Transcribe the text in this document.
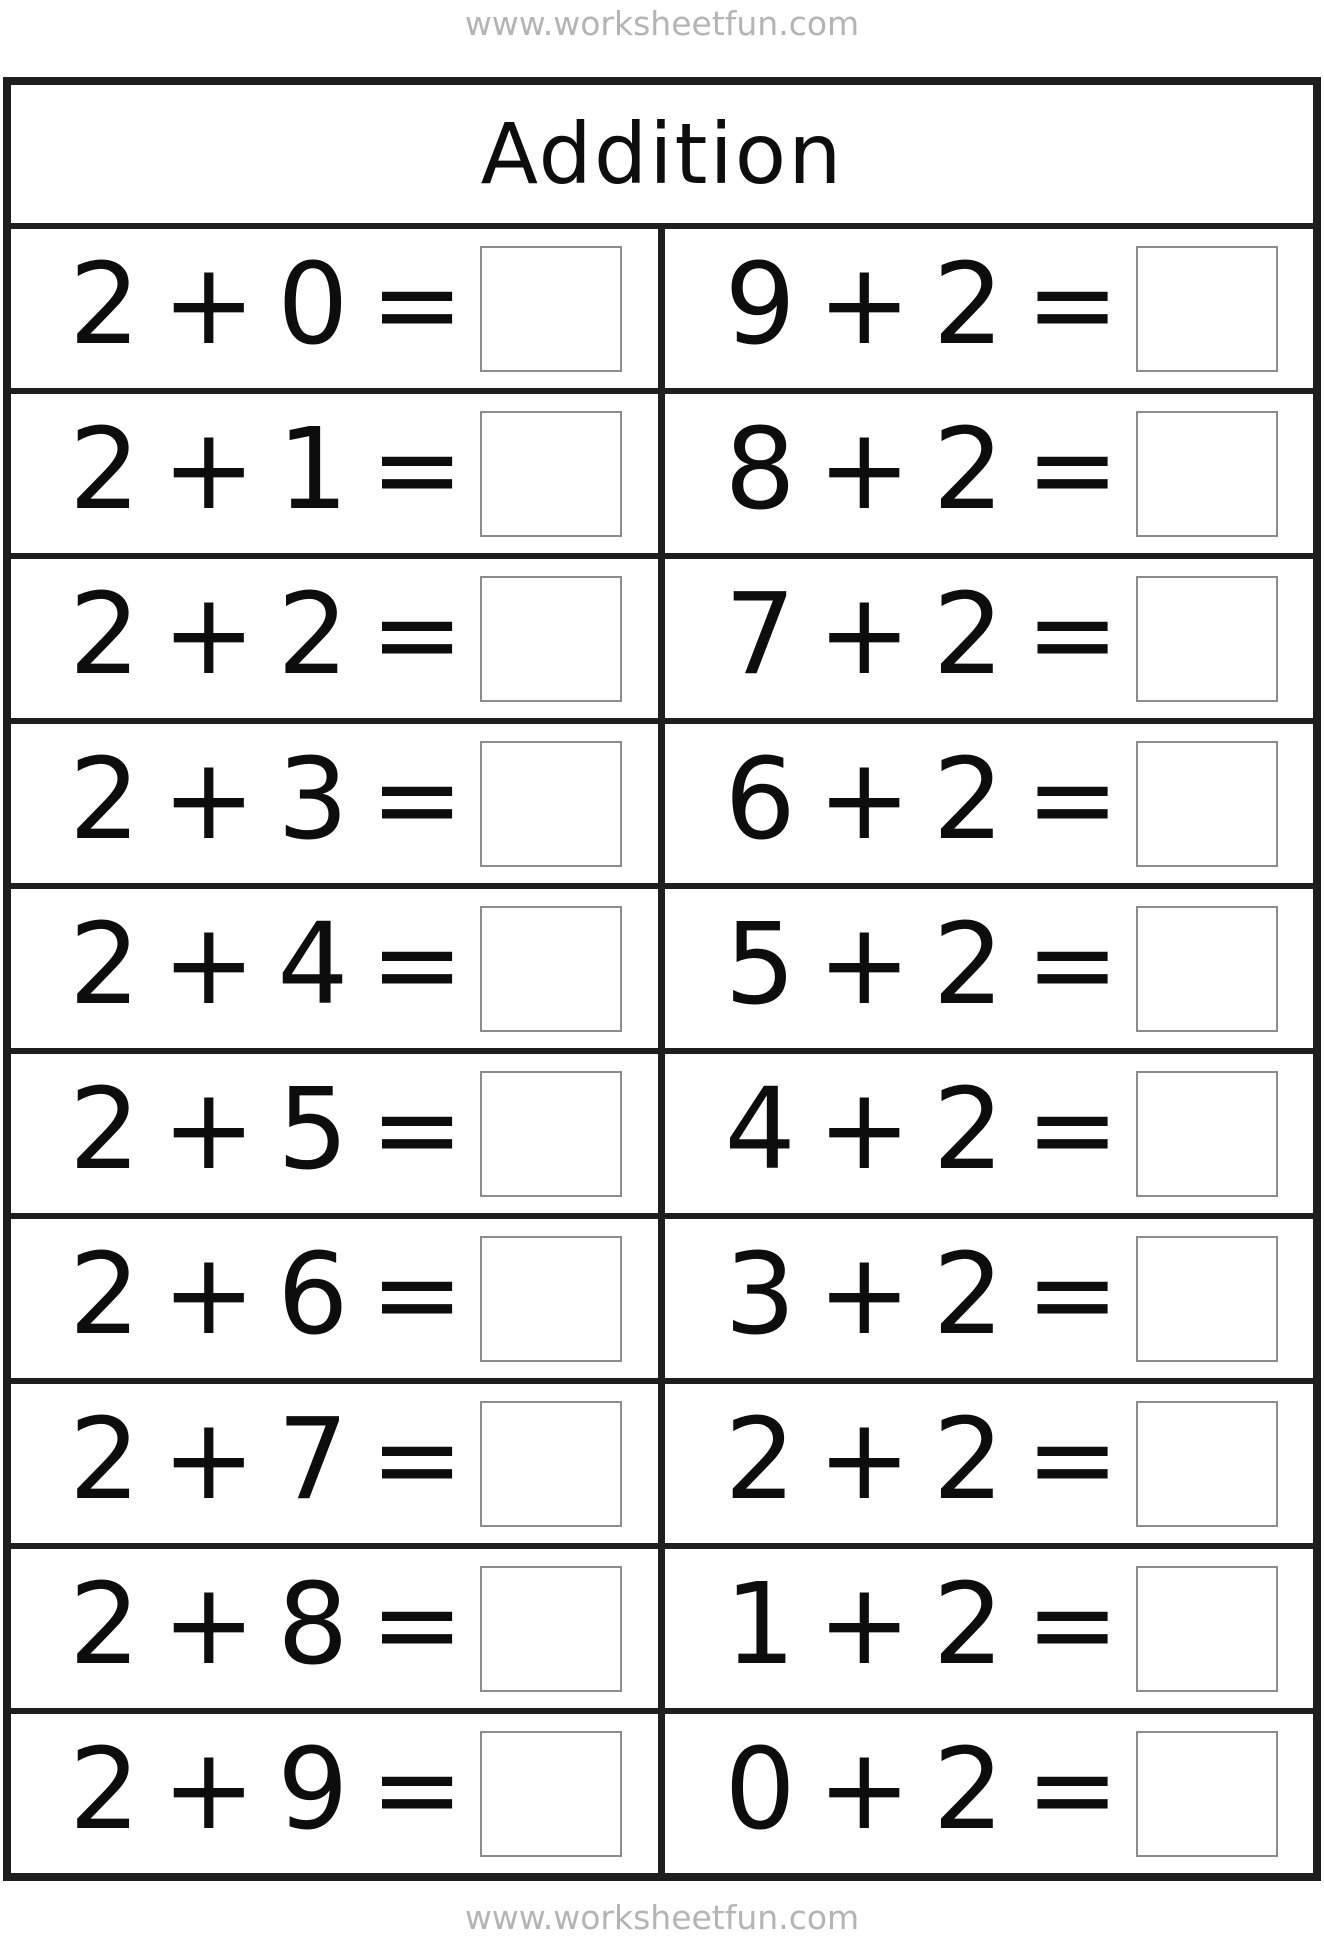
www.worksheetfun.com
Addition
2 + 0 = 9 + 2 =
2 + 1 = 8 + 2 =
2 + 2 = 7 + 2 =
2 + 3 = 6 + 2 =
2 + 4 = 5 + 2 =
2 + 5 = 4 + 2 =
2 + 6 = 3 + 2 =
2 + 7 = 2 + 2 =
2 + 8 = 1 + 2 =
2 + 9 = 0 + 2 =
www.worksheetfun.com
